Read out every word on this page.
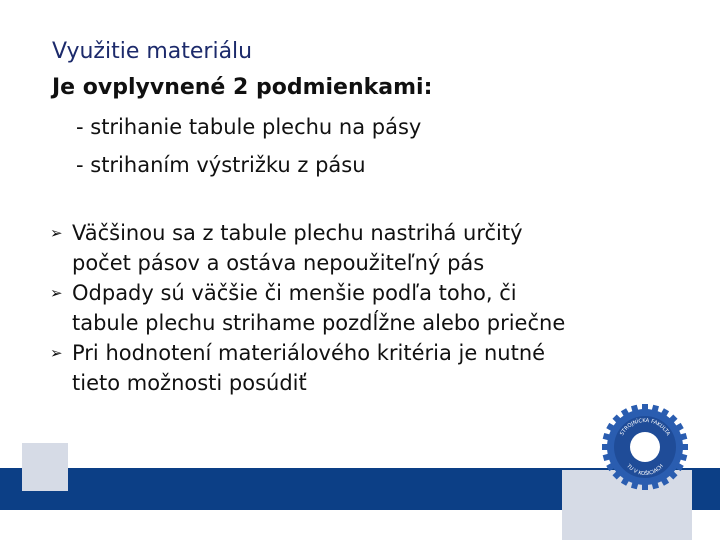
Využitie materiálu
Je ovplyvnené 2 podmienkami:
- strihanie tabule plechu na pásy
- strihaním výstrižku z pásu
➢ Väčšinou sa z tabule plechu nastrihá určitý
počet pásov a ostáva nepoužiteľný pás
➢ Odpady sú väčšie či menšie podľa toho, či
tabule plechu strihame pozdĺžne alebo priečne
➢ Pri hodnotení materiálového kritéria je nutné
tieto možnosti posúdiť
STROJNÍCKA FAKULTA
TU V KOŠICIACH
